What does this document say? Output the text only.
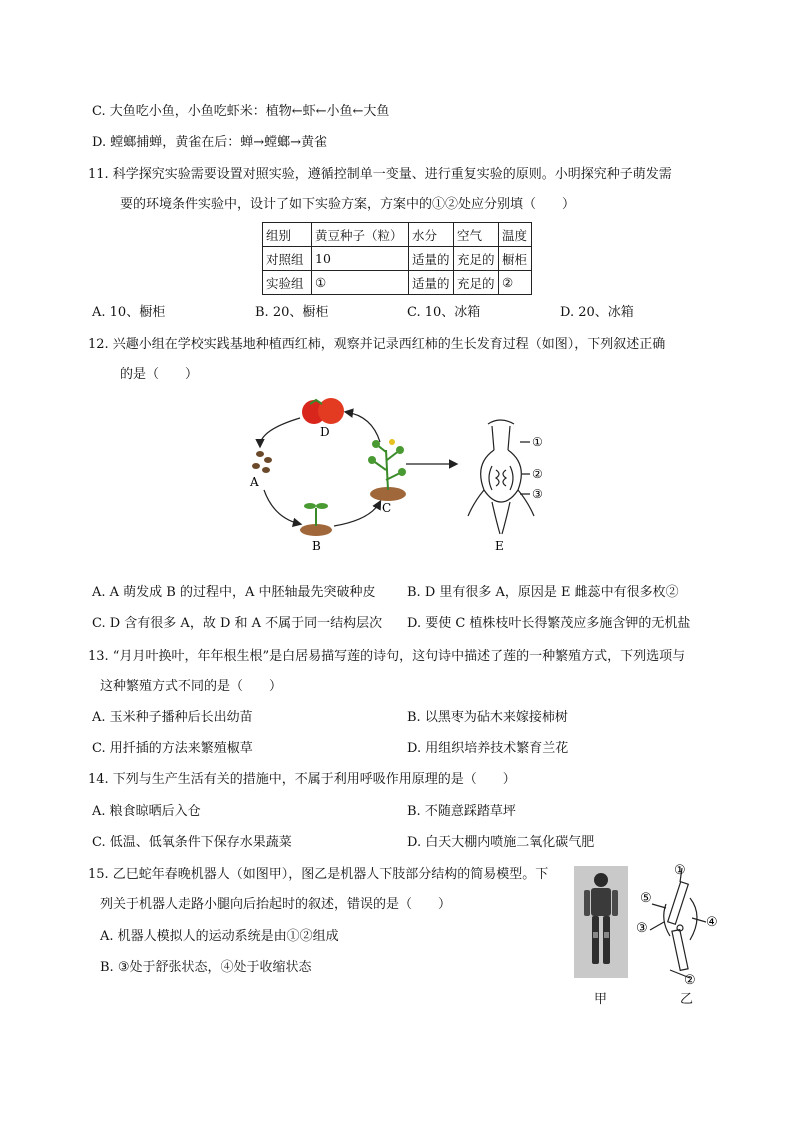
C. 大鱼吃小鱼，小鱼吃虾米：植物←虾←小鱼←大鱼
D. 螳螂捕蝉，黄雀在后：蝉→螳螂→黄雀
11. 科学探究实验需要设置对照实验，遵循控制单一变量、进行重复实验的原则。小明探究种子萌发需
要的环境条件实验中，设计了如下实验方案，方案中的①②处应分别填（　　）
组别	黄豆种子（粒）	水分	空气	温度
对照组	10	适量的	充足的	橱柜
实验组	①	适量的	充足的	②
A. 10、橱柜	B. 20、橱柜	C. 10、冰箱	D. 20、冰箱
12. 兴趣小组在学校实践基地种植西红柿，观察并记录西红柿的生长发育过程（如图），下列叙述正确
的是（　　）
D
A
B
C
①
②
③
E
A. A 萌发成 B 的过程中，A 中胚轴最先突破种皮 B. D 里有很多 A，原因是 E 雌蕊中有很多枚②
C. D 含有很多 A，故 D 和 A 不属于同一结构层次 D. 要使 C 植株枝叶长得繁茂应多施含钾的无机盐
13. “月月叶换叶，年年根生根”是白居易描写莲的诗句，这句诗中描述了莲的一种繁殖方式，下列选项与
这种繁殖方式不同的是（　　）
A. 玉米种子播种后长出幼苗	B. 以黑枣为砧木来嫁接柿树
C. 用扦插的方法来繁殖椒草	D. 用组织培养技术繁育兰花
14. 下列与生产生活有关的措施中，不属于利用呼吸作用原理的是（　　）
A. 粮食晾晒后入仓	B. 不随意踩踏草坪
C. 低温、低氧条件下保存水果蔬菜	D. 白天大棚内喷施二氧化碳气肥
15. 乙巳蛇年春晚机器人（如图甲），图乙是机器人下肢部分结构的简易模型。下
列关于机器人走路小腿向后抬起时的叙述，错误的是（　　）
A. 机器人模拟人的运动系统是由①②组成
B. ③处于舒张状态，④处于收缩状态
甲
①
⑤
③	④
②
乙
